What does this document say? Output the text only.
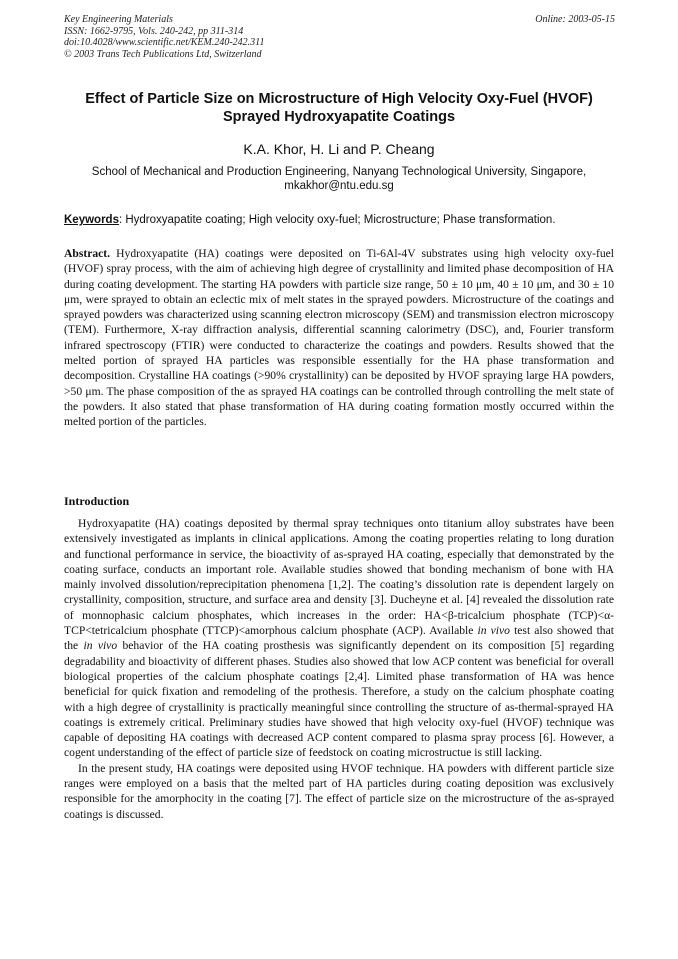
Key Engineering Materials
ISSN: 1662-9795, Vols. 240-242, pp 311-314
doi:10.4028/www.scientific.net/KEM.240-242.311
© 2003 Trans Tech Publications Ltd, Switzerland
Online: 2003-05-15
Effect of Particle Size on Microstructure of High Velocity Oxy-Fuel (HVOF) Sprayed Hydroxyapatite Coatings
K.A. Khor, H. Li and P. Cheang
School of Mechanical and Production Engineering, Nanyang Technological University, Singapore,
mkakhor@ntu.edu.sg
Keywords: Hydroxyapatite coating; High velocity oxy-fuel; Microstructure; Phase transformation.
Abstract. Hydroxyapatite (HA) coatings were deposited on Ti-6Al-4V substrates using high velocity oxy-fuel (HVOF) spray process, with the aim of achieving high degree of crystallinity and limited phase decomposition of HA during coating development. The starting HA powders with particle size range, 50 ± 10 μm, 40 ± 10 μm, and 30 ± 10 μm, were sprayed to obtain an eclectic mix of melt states in the sprayed powders. Microstructure of the coatings and sprayed powders was characterized using scanning electron microscopy (SEM) and transmission electron microscopy (TEM). Furthermore, X-ray diffraction analysis, differential scanning calorimetry (DSC), and, Fourier transform infrared spectroscopy (FTIR) were conducted to characterize the coatings and powders. Results showed that the melted portion of sprayed HA particles was responsible essentially for the HA phase transformation and decomposition. Crystalline HA coatings (>90% crystallinity) can be deposited by HVOF spraying large HA powders, >50 μm. The phase composition of the as sprayed HA coatings can be controlled through controlling the melt state of the powders. It also stated that phase transformation of HA during coating formation mostly occurred within the melted portion of the particles.
Introduction

Hydroxyapatite (HA) coatings deposited by thermal spray techniques onto titanium alloy substrates have been extensively investigated as implants in clinical applications. Among the coating properties relating to long duration and functional performance in service, the bioactivity of as-sprayed HA coating, especially that demonstrated by the coating surface, conducts an important role. Available studies showed that bonding mechanism of bone with HA mainly involved dissolution/reprecipitation phenomena [1,2]. The coating’s dissolution rate is dependent largely on crystallinity, composition, structure, and surface area and density [3]. Ducheyne et al. [4] revealed the dissolution rate of monnophasic calcium phosphates, which increases in the order: HA<β-tricalcium phosphate (TCP)<α-TCP<tetricalcium phosphate (TTCP)<amorphous calcium phosphate (ACP). Available in vivo test also showed that the in vivo behavior of the HA coating prosthesis was significantly dependent on its composition [5] regarding degradability and bioactivity of different phases. Studies also showed that low ACP content was beneficial for overall biological properties of the calcium phosphate coatings [2,4]. Limited phase transformation of HA was hence beneficial for quick fixation and remodeling of the prothesis. Therefore, a study on the calcium phosphate coating with a high degree of crystallinity is practically meaningful since controlling the structure of as-thermal-sprayed HA coatings is extremely critical. Preliminary studies have showed that high velocity oxy-fuel (HVOF) technique was capable of depositing HA coatings with decreased ACP content compared to plasma spray process [6]. However, a cogent understanding of the effect of particle size of feedstock on coating microstructue is still lacking.

In the present study, HA coatings were deposited using HVOF technique. HA powders with different particle size ranges were employed on a basis that the melted part of HA particles during coating deposition was exclusively responsible for the amorphocity in the coating [7]. The effect of particle size on the microstructure of the as-sprayed coatings is discussed.
